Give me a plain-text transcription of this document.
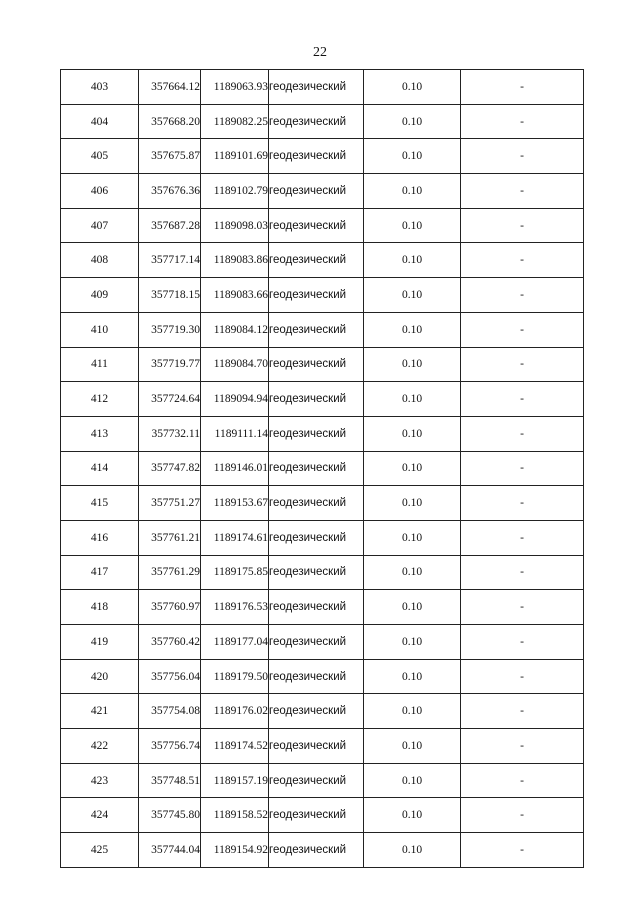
22
403	357664.12	1189063.93	геодезический	0.10	-
404	357668.20	1189082.25	геодезический	0.10	-
405	357675.87	1189101.69	геодезический	0.10	-
406	357676.36	1189102.79	геодезический	0.10	-
407	357687.28	1189098.03	геодезический	0.10	-
408	357717.14	1189083.86	геодезический	0.10	-
409	357718.15	1189083.66	геодезический	0.10	-
410	357719.30	1189084.12	геодезический	0.10	-
411	357719.77	1189084.70	геодезический	0.10	-
412	357724.64	1189094.94	геодезический	0.10	-
413	357732.11	1189111.14	геодезический	0.10	-
414	357747.82	1189146.01	геодезический	0.10	-
415	357751.27	1189153.67	геодезический	0.10	-
416	357761.21	1189174.61	геодезический	0.10	-
417	357761.29	1189175.85	геодезический	0.10	-
418	357760.97	1189176.53	геодезический	0.10	-
419	357760.42	1189177.04	геодезический	0.10	-
420	357756.04	1189179.50	геодезический	0.10	-
421	357754.08	1189176.02	геодезический	0.10	-
422	357756.74	1189174.52	геодезический	0.10	-
423	357748.51	1189157.19	геодезический	0.10	-
424	357745.80	1189158.52	геодезический	0.10	-
425	357744.04	1189154.92	геодезический	0.10	-
